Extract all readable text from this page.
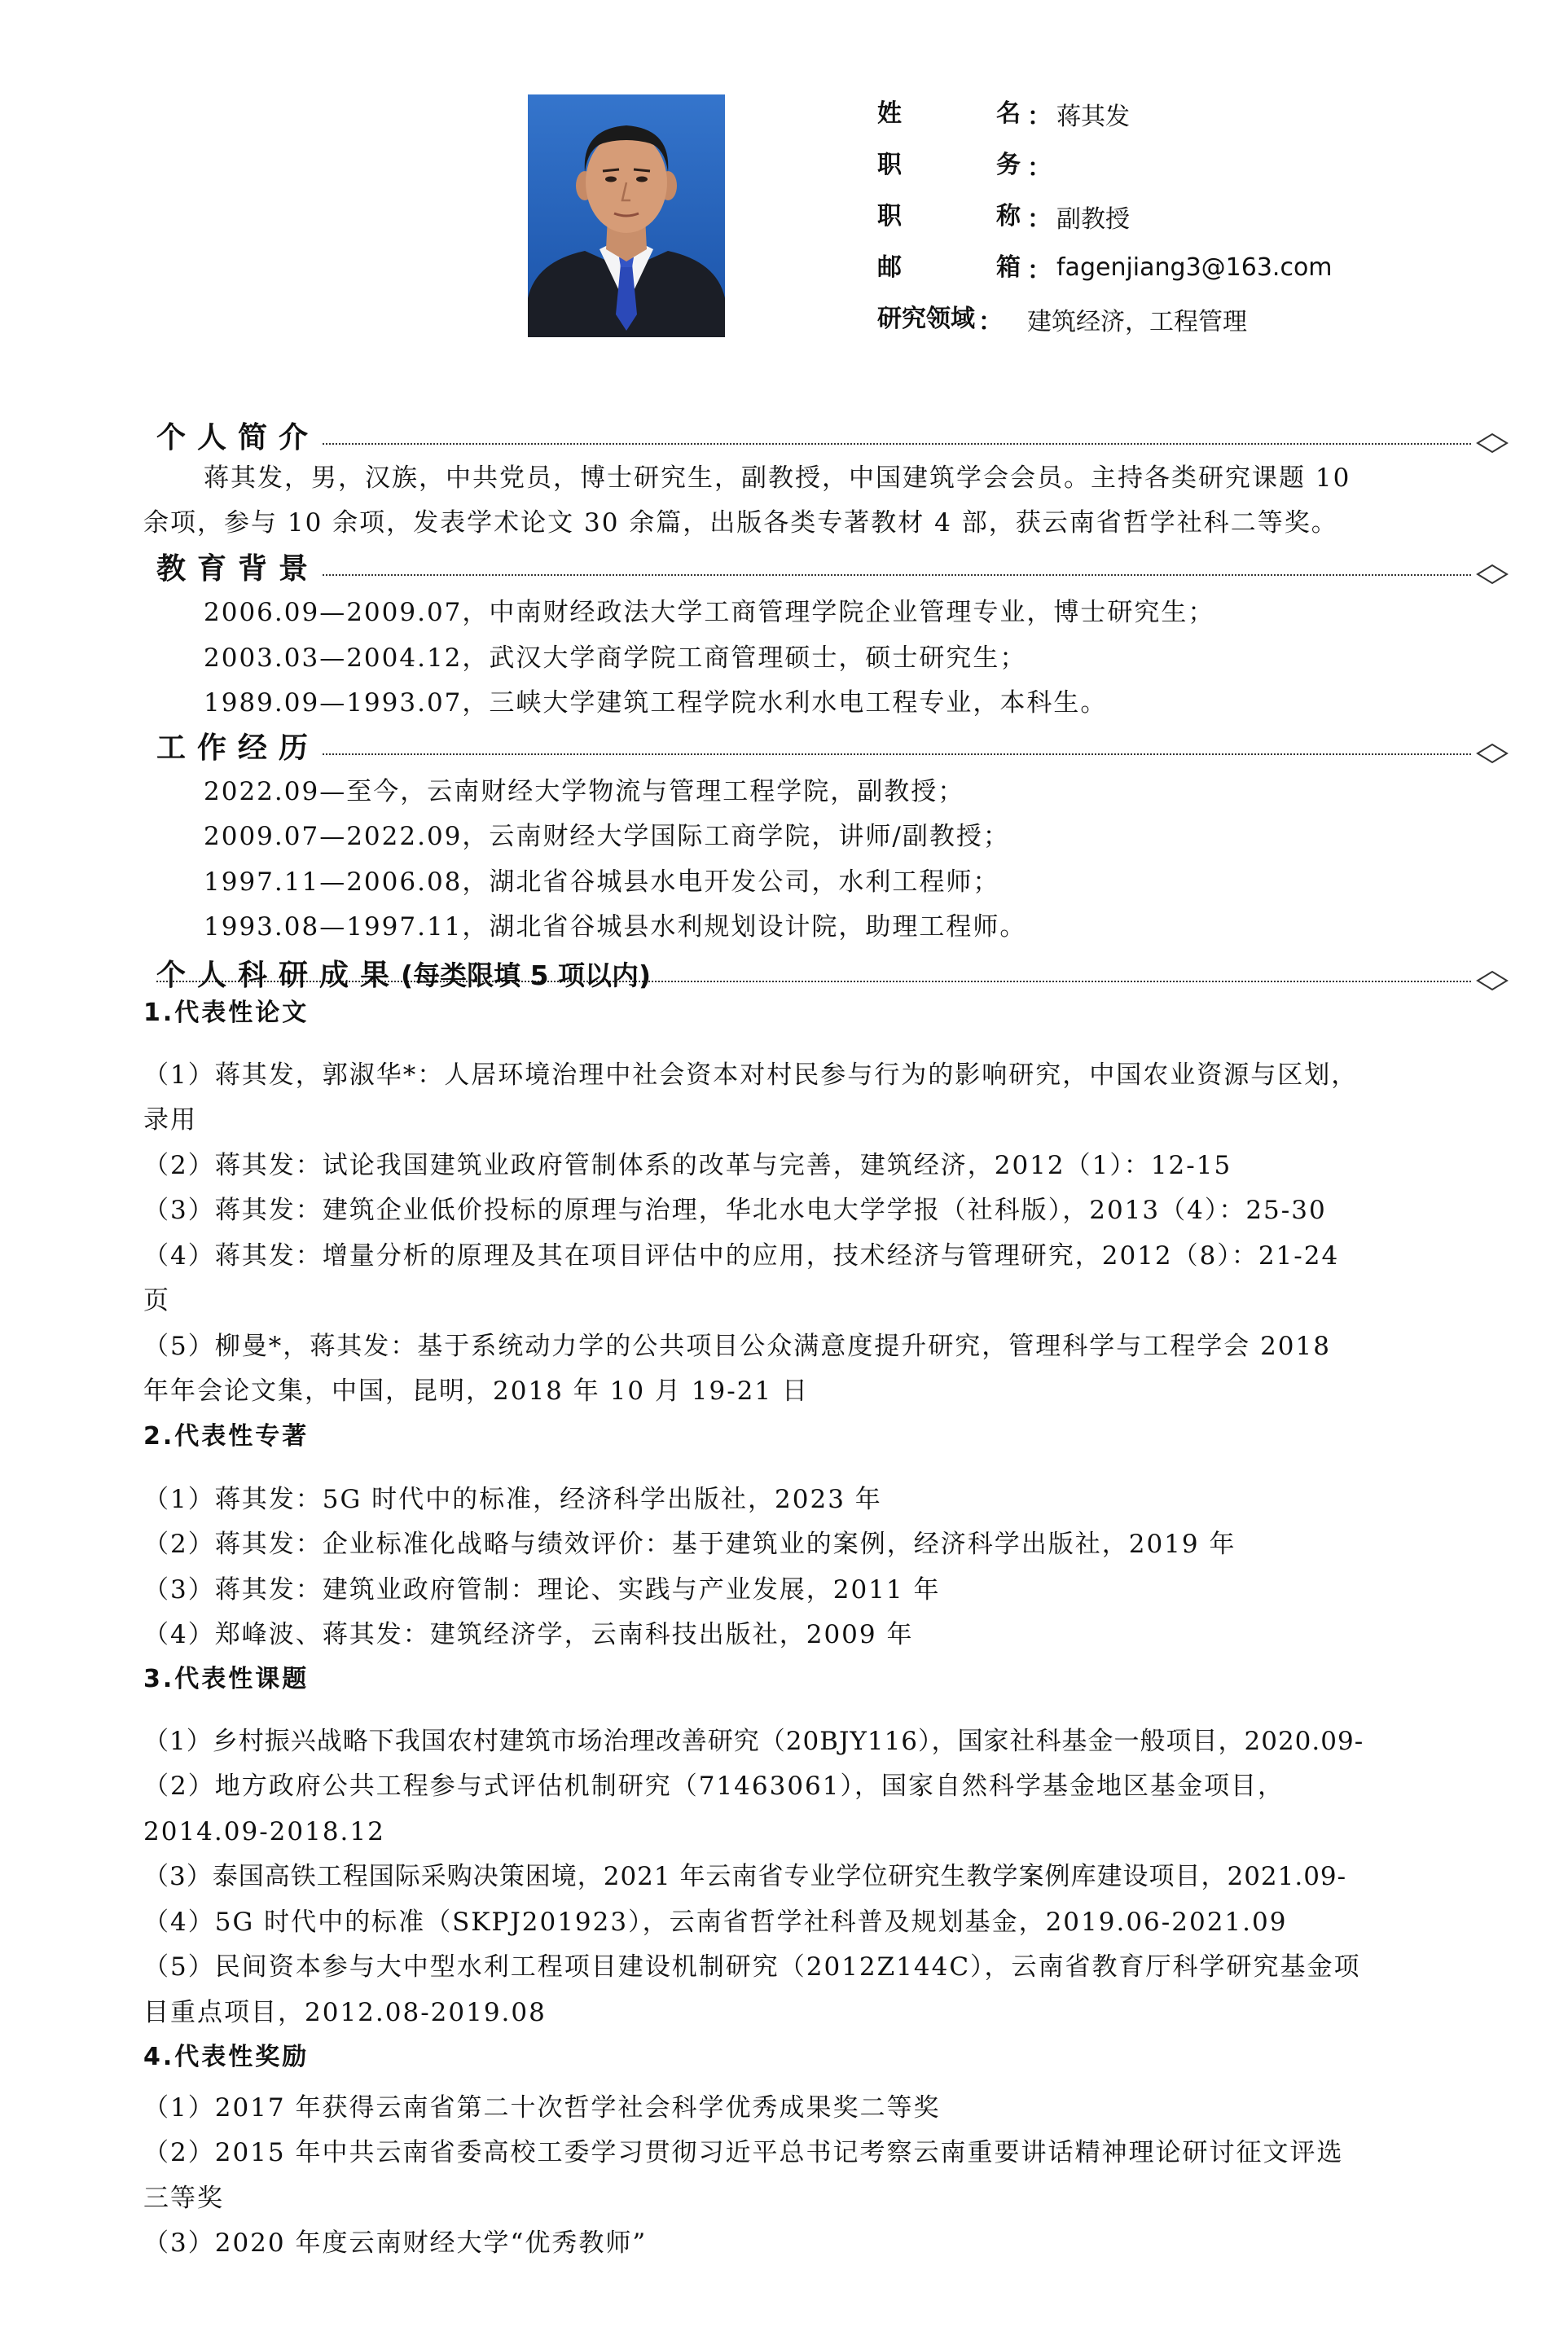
姓	名 ： 蒋其发
职	务 ：
职	称 ： 副教授
邮	箱 ： fagenjiang3@163.com
研究领域 ： 建筑经济，工程管理
个人简介
蒋其发，男，汉族，中共党员，博士研究生，副教授，中国建筑学会会员。主持各类研究课题 10
余项，参与 10 余项，发表学术论文 30 余篇，出版各类专著教材 4 部，获云南省哲学社科二等奖。
教育背景
2006.09—2009.07，中南财经政法大学工商管理学院企业管理专业，博士研究生；
2003.03—2004.12，武汉大学商学院工商管理硕士，硕士研究生；
1989.09—1993.07，三峡大学建筑工程学院水利水电工程专业，本科生。
工作经历
2022.09—至今，云南财经大学物流与管理工程学院，副教授；
2009.07—2022.09，云南财经大学国际工商学院，讲师/副教授；
1997.11—2006.08，湖北省谷城县水电开发公司，水利工程师；
1993.08—1997.11，湖北省谷城县水利规划设计院，助理工程师。
个人科研成果(每类限填 5 项以内)
1.代表性论文
（1）蒋其发，郭淑华*：人居环境治理中社会资本对村民参与行为的影响研究，中国农业资源与区划，
录用
（2）蒋其发：试论我国建筑业政府管制体系的改革与完善，建筑经济，2012（1）：12-15
（3）蒋其发：建筑企业低价投标的原理与治理，华北水电大学学报（社科版），2013（4）：25-30
（4）蒋其发：增量分析的原理及其在项目评估中的应用，技术经济与管理研究，2012（8）：21-24
页
（5）柳曼*，蒋其发：基于系统动力学的公共项目公众满意度提升研究，管理科学与工程学会 2018
年年会论文集，中国，昆明，2018 年 10 月 19-21 日
2.代表性专著
（1）蒋其发：5G 时代中的标准，经济科学出版社，2023 年
（2）蒋其发：企业标准化战略与绩效评价：基于建筑业的案例，经济科学出版社，2019 年
（3）蒋其发：建筑业政府管制：理论、实践与产业发展，2011 年
（4）郑峰波、蒋其发：建筑经济学，云南科技出版社，2009 年
3.代表性课题
（1）乡村振兴战略下我国农村建筑市场治理改善研究（20BJY116），国家社科基金一般项目，2020.09-
（2）地方政府公共工程参与式评估机制研究（71463061），国家自然科学基金地区基金项目，
2014.09-2018.12
（3）泰国高铁工程国际采购决策困境，2021 年云南省专业学位研究生教学案例库建设项目，2021.09-
（4）5G 时代中的标准（SKPJ201923），云南省哲学社科普及规划基金，2019.06-2021.09
（5）民间资本参与大中型水利工程项目建设机制研究（2012Z144C），云南省教育厅科学研究基金项
目重点项目，2012.08-2019.08
4.代表性奖励
（1）2017 年获得云南省第二十次哲学社会科学优秀成果奖二等奖
（2）2015 年中共云南省委高校工委学习贯彻习近平总书记考察云南重要讲话精神理论研讨征文评选
三等奖
（3）2020 年度云南财经大学“优秀教师”
